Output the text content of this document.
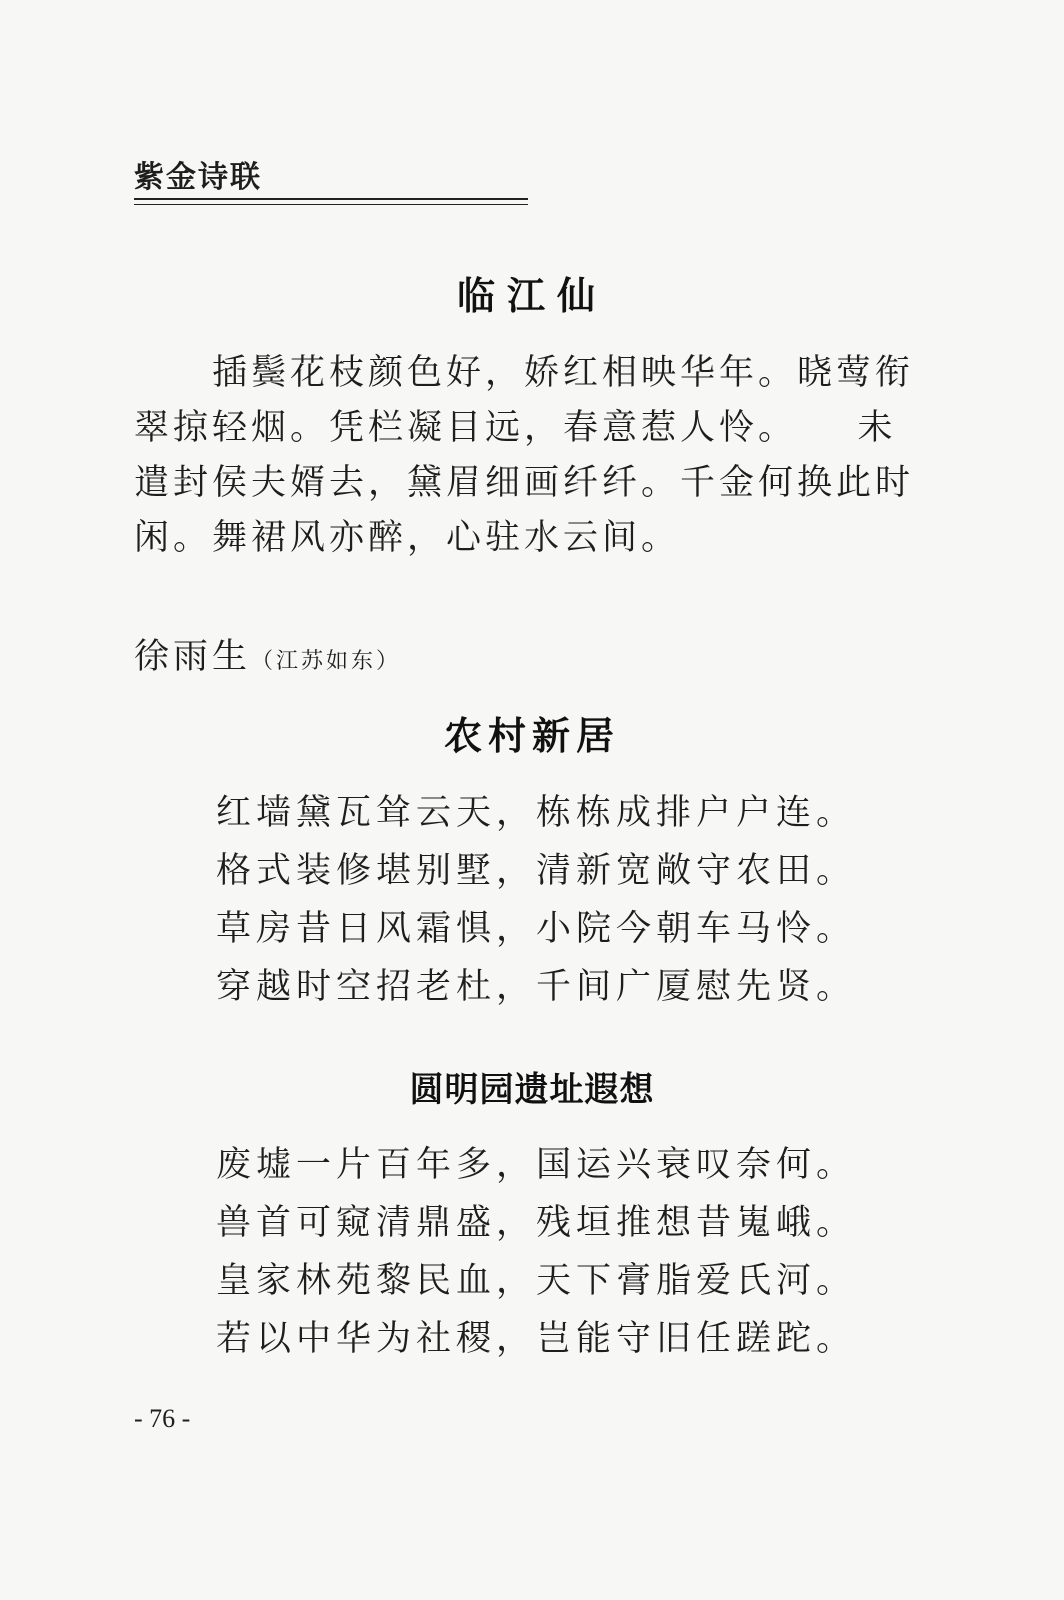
紫金诗联
临江仙
插鬓花枝颜色好，娇红相映华年。晓莺衔
翠掠轻烟。凭栏凝目远，春意惹人怜。　　未
遣封侯夫婿去，黛眉细画纤纤。千金何换此时
闲。舞裙风亦醉，心驻水云间。
徐雨生（江苏如东）
农村新居
红墙黛瓦耸云天，栋栋成排户户连。
格式装修堪别墅，清新宽敞守农田。
草房昔日风霜惧，小院今朝车马怜。
穿越时空招老杜，千间广厦慰先贤。
圆明园遗址遐想
废墟一片百年多，国运兴衰叹奈何。
兽首可窥清鼎盛，残垣推想昔嵬峨。
皇家林苑黎民血，天下膏脂爱氏河。
若以中华为社稷，岂能守旧任蹉跎。
- 76 -
